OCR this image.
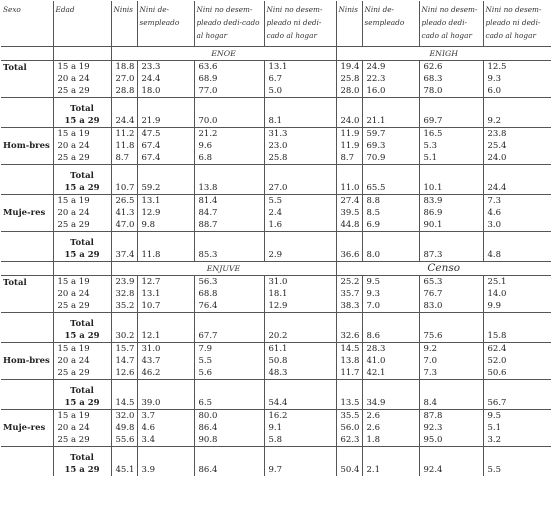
Sexo	Edad	Ninis	Nini de-sempleado	Nini no desem-pleado dedi-cado al hogar	Nini no desem-pleado ni dedi-cado al hogar	Ninis	Nini de-sempleado	Nini no desem-pleado dedi-cado al hogar	Nini no desem-pleado ni dedi-cado al hogar
		ENOE				ENIGH			
Total	15 a 19	18.8	23.3	63.6	13.1	19.4	24.9	62.6	12.5
	20 a 24	27.0	24.4	68.9	6.7	25.8	22.3	68.3	9.3
	25 a 29	28.8	18.0	77.0	5.0	28.0	16.0	78.0	6.0
	Total								
	15 a 29	24.4	21.9	70.0	8.1	24.0	21.1	69.7	9.2
Hom-bres	15 a 19	11.2	47.5	21.2	31.3	11.9	59.7	16.5	23.8
	20 a 24	11.8	67.4	9.6	23.0	11.9	69.3	5.3	25.4
	25 a 29	8.7	67.4	6.8	25.8	8.7	70.9	5.1	24.0
	Total								
	15 a 29	10.7	59.2	13.8	27.0	11.0	65.5	10.1	24.4
Muje-res	15 a 19	26.5	13.1	81.4	5.5	27.4	8.8	83.9	7.3
	20 a 24	41.3	12.9	84.7	2.4	39.5	8.5	86.9	4.6
	25 a 29	47.0	9.8	88.7	1.6	44.8	6.9	90.1	3.0
	Total								
	15 a 29	37.4	11.8	85.3	2.9	36.6	8.0	87.3	4.8
		ENJUVE				Censo			
Total	15 a 19	23.9	12.7	56.3	31.0	25.2	9.5	65.3	25.1
	20 a 24	32.8	13.1	68.8	18.1	35.7	9.3	76.7	14.0
	25 a 29	35.2	10.7	76.4	12.9	38.3	7.0	83.0	9.9
	Total								
	15 a 29	30.2	12.1	67.7	20.2	32.6	8.6	75.6	15.8
Hom-bres	15 a 19	15.7	31.0	7.9	61.1	14.5	28.3	9.2	62.4
	20 a 24	14.7	43.7	5.5	50.8	13.8	41.0	7.0	52.0
	25 a 29	12.6	46.2	5.6	48.3	11.7	42.1	7.3	50.6
	Total								
	15 a 29	14.5	39.0	6.5	54.4	13.5	34.9	8.4	56.7
Muje-res	15 a 19	32.0	3.7	80.0	16.2	35.5	2.6	87.8	9.5
	20 a 24	49.8	4.6	86.4	9.1	56.0	2.6	92.3	5.1
	25 a 29	55.6	3.4	90.8	5.8	62.3	1.8	95.0	3.2
	Total								
	15 a 29	45.1	3.9	86.4	9.7	50.4	2.1	92.4	5.5
